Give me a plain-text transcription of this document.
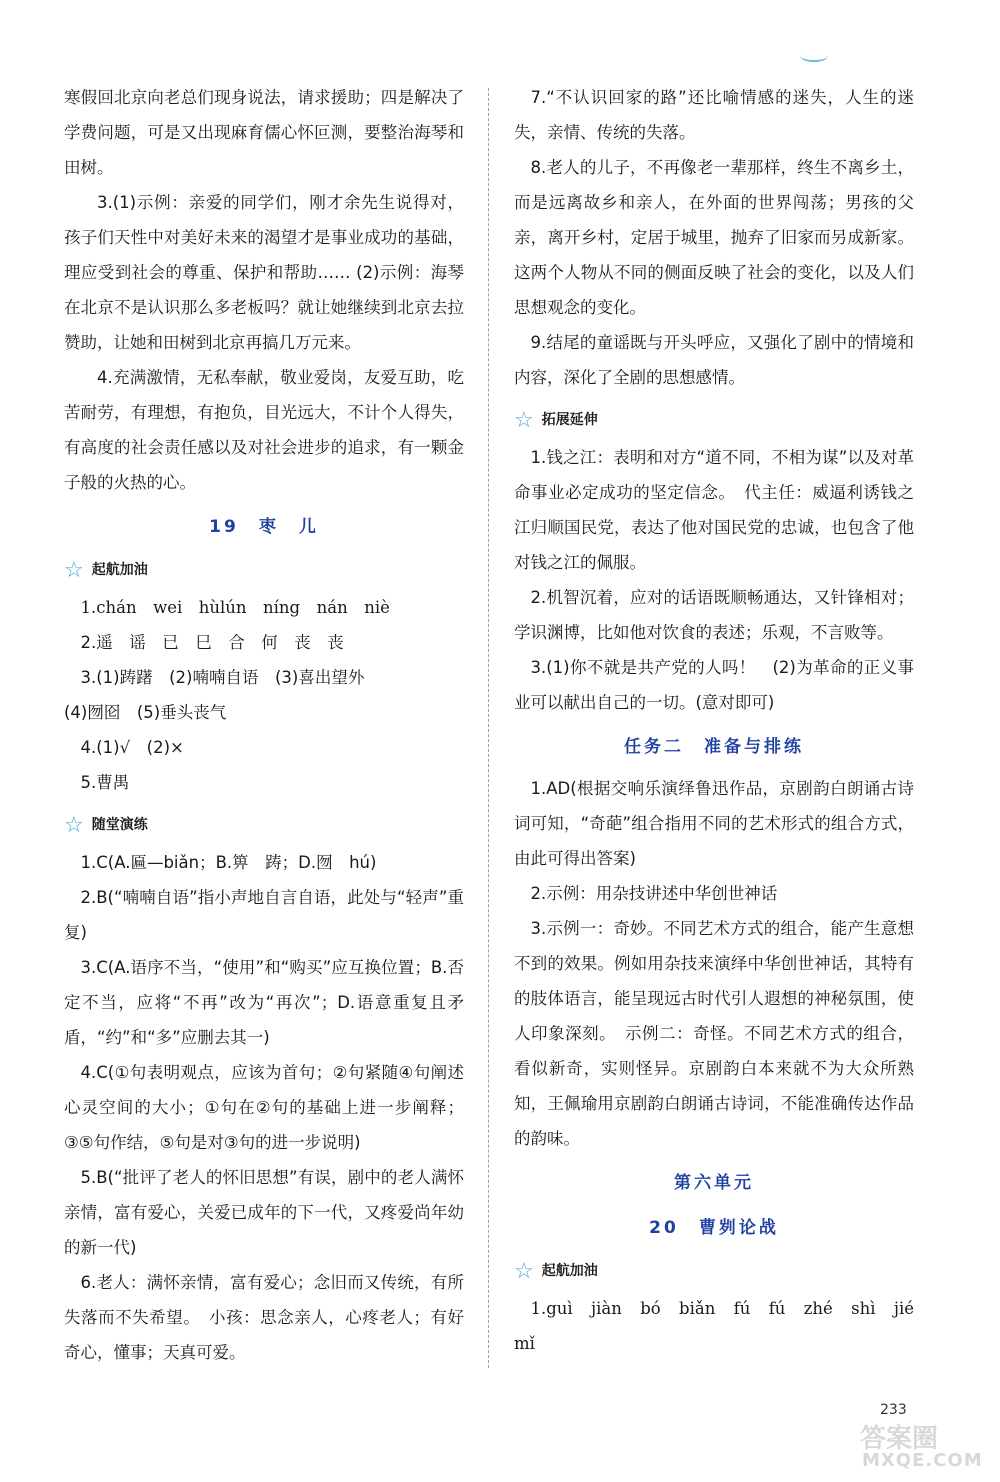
寒假回北京向老总们现身说法，请求援助；四是解决了学费问题，可是又出现麻育儒心怀叵测，要整治海琴和田树。

3.(1)示例：亲爱的同学们，刚才余先生说得对，孩子们天性中对美好未来的渴望才是事业成功的基础，理应受到社会的尊重、保护和帮助…… (2)示例：海琴在北京不是认识那么多老板吗？就让她继续到北京去拉赞助，让她和田树到北京再搞几万元来。

4.充满激情，无私奉献，敬业爱岗，友爱互助，吃苦耐劳，有理想，有抱负，目光远大，不计个人得失，有高度的社会责任感以及对社会进步的追求，有一颗金子般的火热的心。

19　枣　儿
☆ 起航加油

1.chán　wei　hùlún　níng　nán　niè

2.遥　谣　已　巳　合　何　丧　丧

3.(1)踌躇　(2)喃喃自语　(3)喜出望外

(4)囫囵　(5)垂头丧气

4.(1)√　(2)×

5.曹禺

☆ 随堂演练

1.C(A.匾—biǎn；B.箅　踌；D.囫　hú)

2.B(“喃喃自语”指小声地自言自语，此处与“轻声”重复)

3.C(A.语序不当，“使用”和“购买”应互换位置；B.否定不当，应将“不再”改为“再次”；D.语意重复且矛盾，“约”和“多”应删去其一)

4.C(①句表明观点，应该为首句；②句紧随④句阐述心灵空间的大小；①句在②句的基础上进一步阐释；③⑤句作结，⑤句是对③句的进一步说明)

5.B(“批评了老人的怀旧思想”有误，剧中的老人满怀亲情，富有爱心，关爱已成年的下一代，又疼爱尚年幼的新一代)

6.老人：满怀亲情，富有爱心；念旧而又传统，有所失落而不失希望。　小孩：思念亲人，心疼老人；有好奇心，懂事；天真可爱。

7.“不认识回家的路”还比喻情感的迷失，人生的迷失，亲情、传统的失落。

8.老人的儿子，不再像老一辈那样，终生不离乡土，而是远离故乡和亲人，在外面的世界闯荡；男孩的父亲，离开乡村，定居于城里，抛弃了旧家而另成新家。这两个人物从不同的侧面反映了社会的变化，以及人们思想观念的变化。

9.结尾的童谣既与开头呼应，又强化了剧中的情境和内容，深化了全剧的思想感情。

☆ 拓展延伸

1.钱之江：表明和对方“道不同，不相为谋”以及对革命事业必定成功的坚定信念。　代主任：威逼利诱钱之江归顺国民党，表达了他对国民党的忠诚，也包含了他对钱之江的佩服。

2.机智沉着，应对的话语既顺畅通达，又针锋相对；学识渊博，比如他对饮食的表述；乐观，不言败等。

3.(1)你不就是共产党的人吗！　(2)为革命的正义事业可以献出自己的一切。(意对即可)

任务二　准备与排练

1.AD(根据交响乐演绎鲁迅作品，京剧韵白朗诵古诗词可知，“奇葩”组合指用不同的艺术形式的组合方式，由此可得出答案)

2.示例：用杂技讲述中华创世神话

3.示例一：奇妙。不同艺术方式的组合，能产生意想不到的效果。例如用杂技来演绎中华创世神话，其特有的肢体语言，能呈现远古时代引人遐想的神秘氛围，使人印象深刻。　示例二：奇怪。不同艺术方式的组合，看似新奇，实则怪异。京剧韵白本来就不为大众所熟知，王佩瑜用京剧韵白朗诵古诗词，不能准确传达作品的韵味。

第六单元
20　曹刿论战
☆ 起航加油

1.guì　jiàn　bó　biǎn　fú　fú　zhé　shì　jié　mǐ

233
答案圈
MXQE.COM
